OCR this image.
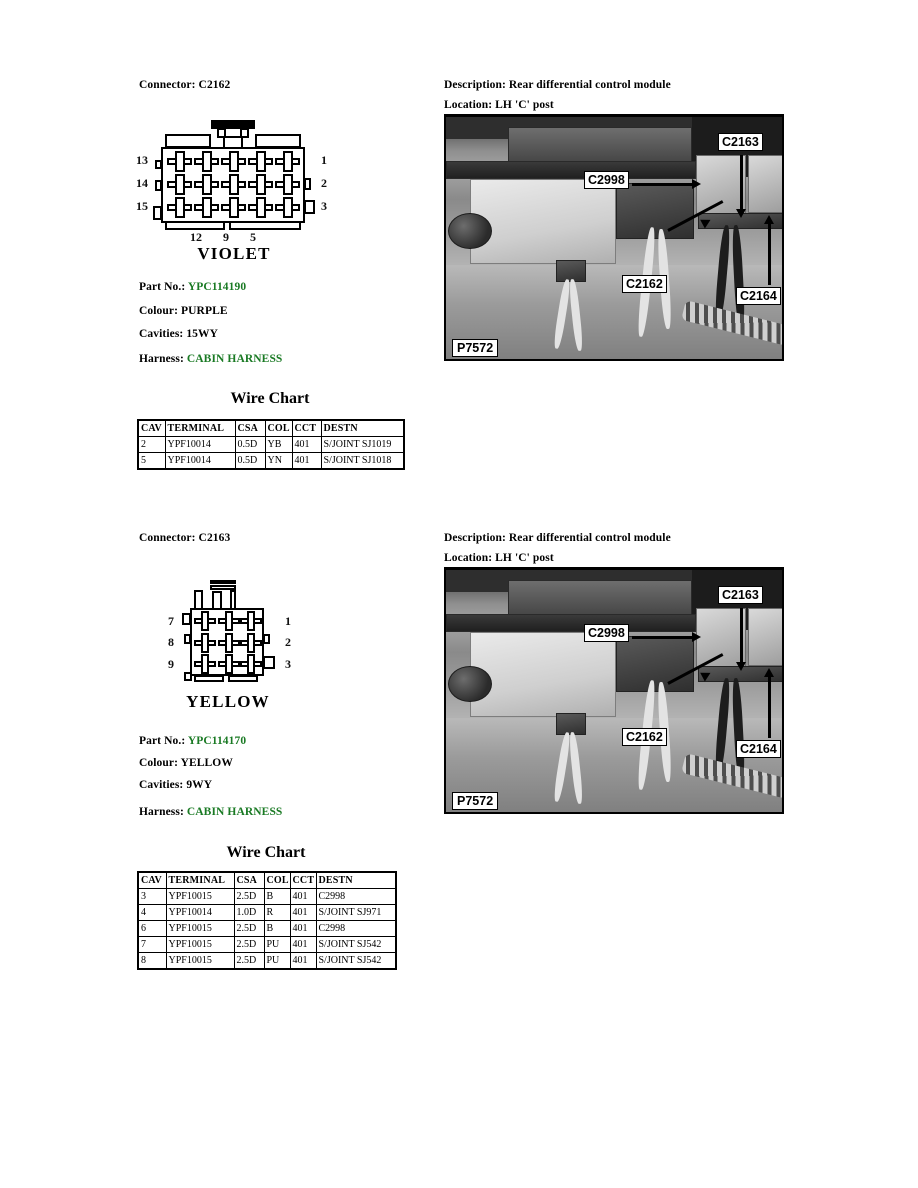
Connector: C2162
13
14
15
1
2
3
12 9 5
VIOLET
Part No.: YPC114190
Colour: PURPLE
Cavities: 15WY
Harness: CABIN HARNESS
Wire Chart
CAV	TERMINAL	CSA	COL	CCT	DESTN
2	YPF10014	0.5D	YB	401	S/JOINT SJ1019
5	YPF10014	0.5D	YN	401	S/JOINT SJ1018
Description: Rear differential control module
Location: LH 'C' post
C2998
C2163
C2162
C2164
P7572
Connector: C2163
7
8
9
1
2
3
YELLOW
Part No.: YPC114170
Colour: YELLOW
Cavities: 9WY
Harness: CABIN HARNESS
Wire Chart
CAV	TERMINAL	CSA	COL	CCT	DESTN
3	YPF10015	2.5D	B	401	C2998
4	YPF10014	1.0D	R	401	S/JOINT SJ971
6	YPF10015	2.5D	B	401	C2998
7	YPF10015	2.5D	PU	401	S/JOINT SJ542
8	YPF10015	2.5D	PU	401	S/JOINT SJ542
Description: Rear differential control module
Location: LH 'C' post
C2998
C2163
C2162
C2164
P7572
